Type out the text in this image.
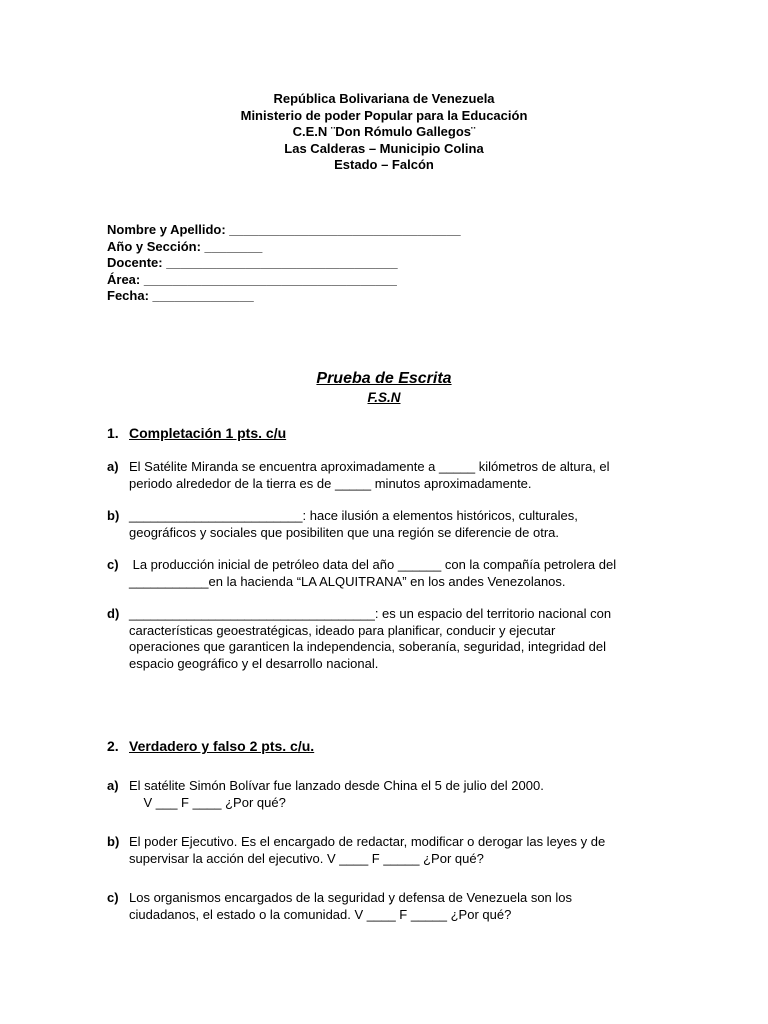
República Bolivariana de Venezuela
Ministerio de poder Popular para la Educación
C.E.N ¨Don Rómulo Gallegos¨
Las Calderas – Municipio Colina
Estado – Falcón
Nombre y Apellido: ________________________________
Año y Sección: ________
Docente: ________________________________
Área: ___________________________________
Fecha: ______________
Prueba de Escrita
F.S.N
1. Completación 1 pts. c/u
a) El Satélite Miranda se encuentra aproximadamente a _____ kilómetros de altura, el
periodo alrededor de la tierra es de _____ minutos aproximadamente.
b) ________________________: hace ilusión a elementos históricos, culturales,
geográficos y sociales que posibiliten que una región se diferencie de otra.
c) La producción inicial de petróleo data del año ______ con la compañía petrolera del
___________en la hacienda “LA ALQUITRANA” en los andes Venezolanos.
d) __________________________________: es un espacio del territorio nacional con
características geoestratégicas, ideado para planificar, conducir y ejecutar
operaciones que garanticen la independencia, soberanía, seguridad, integridad del
espacio geográfico y el desarrollo nacional.
2. Verdadero y falso 2 pts. c/u.
a) El satélite Simón Bolívar fue lanzado desde China el 5 de julio del 2000.
V ___ F ____ ¿Por qué?
b) El poder Ejecutivo. Es el encargado de redactar, modificar o derogar las leyes y de
supervisar la acción del ejecutivo. V ____ F _____ ¿Por qué?
c) Los organismos encargados de la seguridad y defensa de Venezuela son los
ciudadanos, el estado o la comunidad. V ____ F _____ ¿Por qué?
